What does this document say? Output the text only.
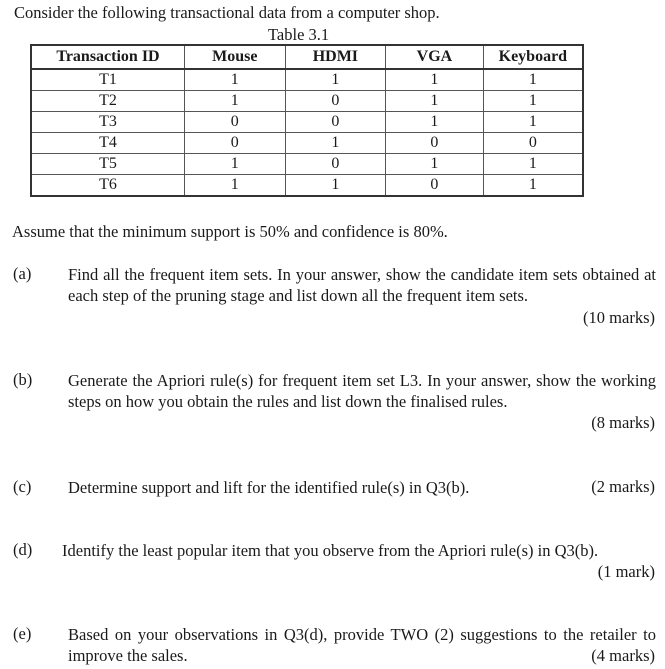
Consider the following transactional data from a computer shop.
Table 3.1
Transaction ID	Mouse	HDMI	VGA	Keyboard
T1	1	1	1	1
T2	1	0	1	1
T3	0	0	1	1
T4	0	1	0	0
T5	1	0	1	1
T6	1	1	0	1
Assume that the minimum support is 50% and confidence is 80%.
(a) Find all the frequent item sets. In your answer, show the candidate item sets obtained at each step of the pruning stage and list down all the frequent item sets.
(10 marks)
(b) Generate the Apriori rule(s) for frequent item set L3. In your answer, show the working steps on how you obtain the rules and list down the finalised rules.
(8 marks)
(c) Determine support and lift for the identified rule(s) in Q3(b).	(2 marks)
(d) Identify the least popular item that you observe from the Apriori rule(s) in Q3(b).
(1 mark)
(e) Based on your observations in Q3(d), provide TWO (2) suggestions to the retailer to improve the sales.	(4 marks)
